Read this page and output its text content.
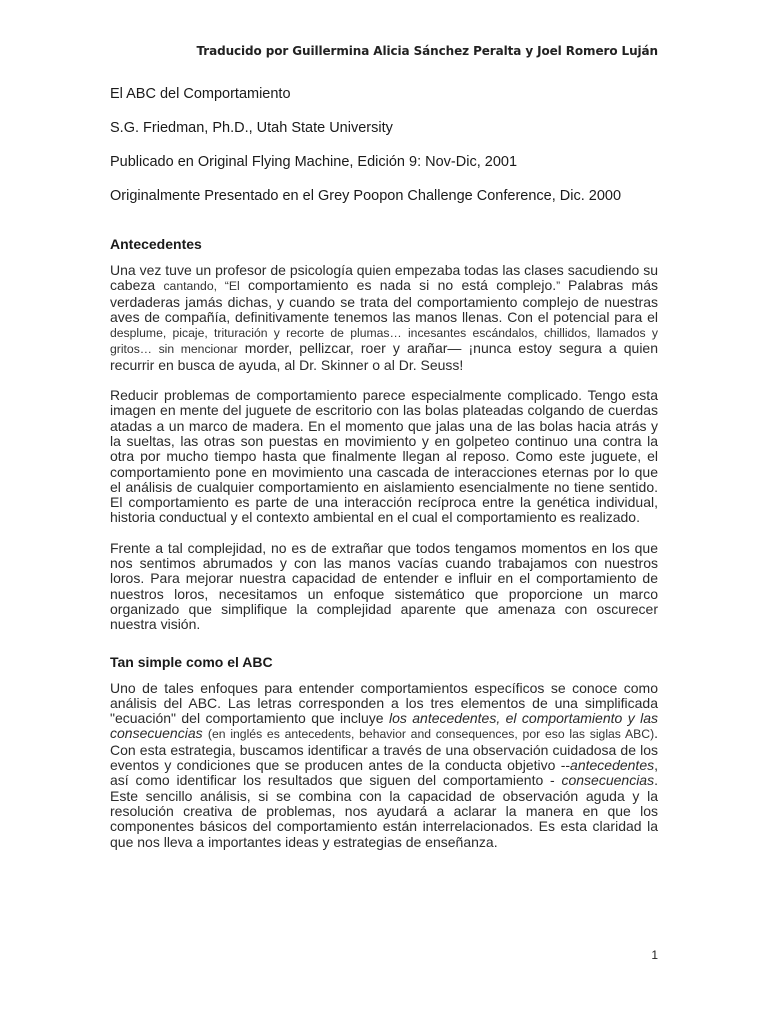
Traducido por Guillermina Alicia Sánchez Peralta y Joel Romero Luján

El ABC del Comportamiento

S.G. Friedman, Ph.D., Utah State University

Publicado en Original Flying Machine, Edición 9: Nov-Dic, 2001

Originalmente Presentado en el Grey Poopon Challenge Conference, Dic. 2000

Antecedentes

Una vez tuve un profesor de psicología quien empezaba todas las clases sacudiendo su cabeza cantando, “El comportamiento es nada si no está complejo.” Palabras más verdaderas jamás dichas, y cuando se trata del comportamiento complejo de nuestras aves de compañía, definitivamente tenemos las manos llenas. Con el potencial para el desplume, picaje, trituración y recorte de plumas… incesantes escándalos, chillidos, llamados y gritos… sin mencionar morder, pellizcar, roer y arañar— ¡nunca estoy segura a quien recurrir en busca de ayuda, al Dr. Skinner o al Dr. Seuss!

Reducir problemas de comportamiento parece especialmente complicado. Tengo esta imagen en mente del juguete de escritorio con las bolas plateadas colgando de cuerdas atadas a un marco de madera. En el momento que jalas una de las bolas hacia atrás y la sueltas, las otras son puestas en movimiento y en golpeteo continuo una contra la otra por mucho tiempo hasta que finalmente llegan al reposo. Como este juguete, el comportamiento pone en movimiento una cascada de interacciones eternas por lo que el análisis de cualquier comportamiento en aislamiento esencialmente no tiene sentido. El comportamiento es parte de una interacción recíproca entre la genética individual, historia conductual y el contexto ambiental en el cual el comportamiento es realizado.

Frente a tal complejidad, no es de extrañar que todos tengamos momentos en los que nos sentimos abrumados y con las manos vacías cuando trabajamos con nuestros loros. Para mejorar nuestra capacidad de entender e influir en el comportamiento de nuestros loros, necesitamos un enfoque sistemático que proporcione un marco organizado que simplifique la complejidad aparente que amenaza con oscurecer nuestra visión.

Tan simple como el ABC

Uno de tales enfoques para entender comportamientos específicos se conoce como análisis del ABC. Las letras corresponden a los tres elementos de una simplificada "ecuación" del comportamiento que incluye los antecedentes, el comportamiento y las consecuencias (en inglés es antecedents, behavior and consequences, por eso las siglas ABC). Con esta estrategia, buscamos identificar a través de una observación cuidadosa de los eventos y condiciones que se producen antes de la conducta objetivo --antecedentes, así como identificar los resultados que siguen del comportamiento - consecuencias. Este sencillo análisis, si se combina con la capacidad de observación aguda y la resolución creativa de problemas, nos ayudará a aclarar la manera en que los componentes básicos del comportamiento están interrelacionados. Es esta claridad la que nos lleva a importantes ideas y estrategias de enseñanza.

1
